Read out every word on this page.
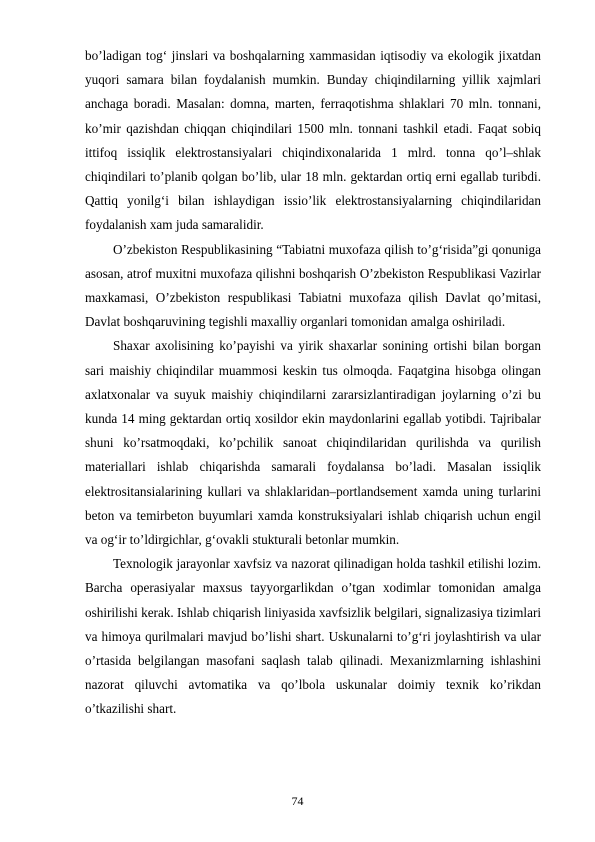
bo’ladigan tog‘ jinslari va boshqalarning xammasidan iqtisodiy va ekologik jixatdan yuqori samara bilan foydalanish mumkin. Bunday chiqindilarning yillik xajmlari anchaga boradi. Masalan: domna, marten, ferraqotishma shlaklari 70 mln. tonnani, ko’mir qazishdan chiqqan chiqindilari 1500 mln. tonnani tashkil etadi. Faqat sobiq ittifoq issiqlik elektrostansiyalari chiqindixonalarida 1 mlrd. tonna qo’l–shlak chiqindilari to’planib qolgan bo’lib, ular 18 mln. gektardan ortiq erni egallab turibdi. Qattiq yonilg‘i bilan ishlaydigan issio’lik elektrostansiyalarning chiqindilaridan foydalanish xam juda samaralidir.

O’zbekiston Respublikasining “Tabiatni muxofaza qilish to’g‘risida”gi qonuniga asosan, atrof muxitni muxofaza qilishni boshqarish O’zbekiston Respublikasi Vazirlar maxkamasi, O’zbekiston respublikasi Tabiatni muxofaza qilish Davlat qo’mitasi, Davlat boshqaruvining tegishli maxalliy organlari tomonidan amalga oshiriladi.

Shaxar axolisining ko’payishi va yirik shaxarlar sonining ortishi bilan borgan sari maishiy chiqindilar muammosi keskin tus olmoqda. Faqatgina hisobga olingan axlatxonalar va suyuk maishiy chiqindilarni zararsizlantiradigan joylarning o’zi bu kunda 14 ming gektardan ortiq xosildor ekin maydonlarini egallab yotibdi. Tajribalar shuni ko’rsatmoqdaki, ko’pchilik sanoat chiqindilaridan qurilishda va qurilish materiallari ishlab chiqarishda samarali foydalansa bo’ladi. Masalan issiqlik elektrositansialarining kullari va shlaklaridan–portlandsement xamda uning turlarini beton va temirbeton buyumlari xamda konstruksiyalari ishlab chiqarish uchun engil va og‘ir to’ldirgichlar, g‘ovakli stukturali betonlar mumkin.

Texnologik jarayonlar xavfsiz va nazorat qilinadigan holda tashkil etilishi lozim. Barcha operasiyalar maxsus tayyorgarlikdan o’tgan xodimlar tomonidan amalga oshirilishi kerak. Ishlab chiqarish liniyasida xavfsizlik belgilari, signalizasiya tizimlari va himoya qurilmalari mavjud bo’lishi shart. Uskunalarni to’g‘ri joylashtirish va ular o’rtasida belgilangan masofani saqlash talab qilinadi. Mexanizmlarning ishlashini nazorat qiluvchi avtomatika va qo’lbola uskunalar doimiy texnik ko’rikdan o’tkazilishi shart.

74
